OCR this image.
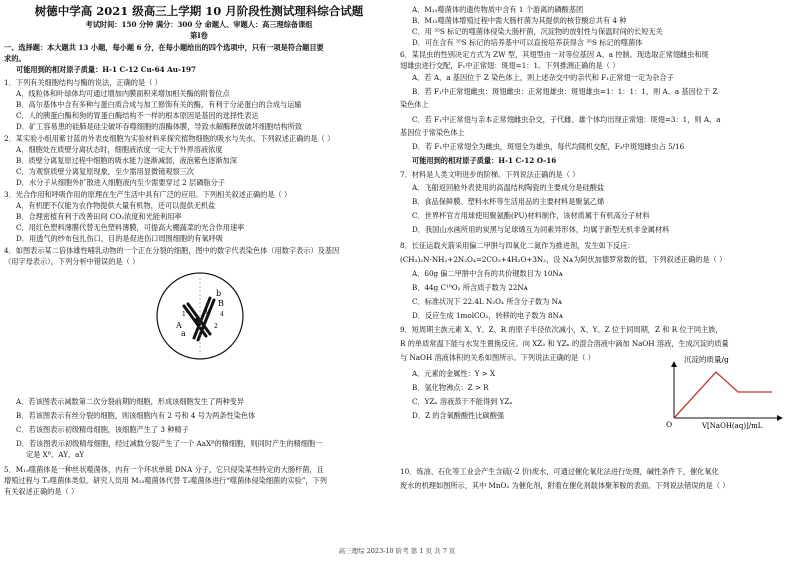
树德中学高 2021 级高三上学期 10 月阶段性测试理科综合试题
考试时间：150 分钟 满分：300 分 命题人、审题人：高三理综备课组
第Ⅰ卷
一、选择题：本大题共 13 小题，每小题 6 分，在每小题给出的四个选项中，只有一项是符合题目要
求的。
可能用到的相对原子质量：H-1 C-12 Cu-64 Au-197
1．下列有关细胞结构与酶的说法，正确的是（ ）
A．线粒体和叶绿体均可通过增加内膜面积来增加相关酶的附着位点
B．高尔基体中含有多种与蛋白质合成与加工修饰有关的酶，有利于分泌蛋白的合成与运输
C．人的胰蛋白酶和狗的胃蛋白酶结构不一样的根本原因是基因的选择性表达
D．矿工容易患的硅肺是硅尘破坏吞噬细胞的溶酶体膜，导致水解酶释放破坏细胞结构所致
2．某实验小组用紫甘蓝的外表皮细胞为实验材料来探究植物细胞的吸水与失水，下列叙述正确的是（ ）
A．细胞处在质壁分离状态时，细胞液浓度一定大于外界溶液浓度
B．质壁分离复原过程中细胞的吸水能力逐渐减弱，液泡紫色逐渐加深
C．为观察质壁分离复原现象，至少需用显微镜观察三次
D．水分子从细胞外扩散进入细胞液内至少需要穿过 2 层磷脂分子
3．光合作用和呼吸作用的原理在生产生活中具有广泛的应用。下列相关叙述正确的是（ ）
A．有机肥不仅能为农作物提供大量有机物，还可以提供无机盐
B．合理密植有利于改善田间 CO₂浓度和光能利用率
C．用红色塑料薄膜代替无色塑料薄膜，可提高大棚蔬菜的光合作用速率
D．用透气的纱布包扎伤口，目的是促进伤口周围细胞的有氧呼吸
4．如图表示某二倍体雄性哺乳动物的一个正在分裂的细胞，图中的数字代表染色体（用数字表示）及基因
（用字母表示），下列分析中错误的是（ ）
A
a
B
b
1
2
3 4
A．若该图表示减数第二次分裂前期的细胞，形成该细胞发生了两种变异
B．若该图表示有丝分裂的细胞，则该细胞内有 2 号和 4 号为两条性染色体
C．若该图表示初级精母细胞，该细胞产生了 3 种精子
D．若该图表示初级精母细胞，经过减数分裂产生了一个 AaXᴮ的精细胞，则同时产生的精细胞一
定是 Xᴮ、AY、aY
5．M₁₃噬菌体是一种丝状噬菌体，内有一个环状单链 DNA 分子，它只侵染某些特定的大肠杆菌，且
增殖过程与 T₂噬菌体类似。研究人员用 M₁₃噬菌体代替 T₂噬菌体进行“噬菌体侵染细菌的实验”，下列
有关叙述正确的是（ ）
A．M₁₃噬菌体的遗传物质中含有 1 个游离的磷酸基团
B．M₁₃噬菌体增殖过程中需大肠杆菌为其提供的核苷酸总共有 4 种
C．用 ³⁵S 标记的噬菌体侵染大肠杆菌，沉淀物的放射性与保温时间的长短无关
D．可在含有 ³⁵S 标记的培养基中可以直接培养获得含 ³⁵S 标记的噬菌体
6．某昆虫的性别决定方式为 ZW 型，其翅型由一对等位基因 A、a 控制。现选取正常翅雌虫和斑
翅雄虫进行交配，F₁中正常翅：斑翅=1：1。下列推测正确的是（ ）
A．若 A、a 基因位于 Z 染色体上，则上述杂交中的亲代和 F₁正常翅一定为杂合子
B．若 F₁中正常翅雌虫：斑翅雌虫：正常翅雄虫：斑翅雄虫=1：1：1：1，则 A、a 基因位于 Z
染色体上
C．若 F₁中正常翅与亲本正常翅雌虫杂交，子代雌、雄个体均出现正常翅：斑翅=3：1，则 A、a
基因位于常染色体上
D．若 F₁中正常翅全为雌虫，斑翅全为雄虫，每代均随机交配，F₃中斑翅雌虫占 5/16
可能用到的相对原子质量：H-1 C-12 O-16
7．材料是人类文明进步的阶梯。下列说法正确的是（ ）
A．飞船返回舱外表使用的高温结构陶瓷的主要成分是硅酸盐
B．食品保鲜膜、塑料水杯等生活用品的主要材料是聚氯乙烯
C．世界杯官方用球使用聚氨酯(PU)材料制作，该材质属于有机高分子材料
D．我国山水画所用的炭黑与足球烯互为同素异形体，均属于新型无机非金属材料
8．长征运载火箭采用偏二甲肼与四氧化二氮作为推进剂，发生如下反应：
(CH₃)₂N-NH₂+2N₂O₄=2CO₂+4H₂O+3N₂，设 Nᴀ为阿伏加德罗常数的值，下列叙述正确的是（ ）
A．60g 偏二甲肼中含有的共价键数目为 10Nᴀ
B．44g C¹⁸O₂ 所含质子数为 22Nᴀ
C．标准状况下 22.4L N₂O₄ 所含分子数为 Nᴀ
D．反应生成 1molCO₂，转移的电子数为 8Nᴀ
9．短周期主族元素 X、Y、Z、R 的原子半径依次减小，X、Y、Z 位于同周期，Z 和 R 位于同主族，
R 的单质常温下能与水发生置换反应。向 XZ₃ 和 YZₙ 的混合溶液中滴加 NaOH 溶液，生成沉淀的质量
与 NaOH 溶液体积的关系如图所示。下列说法正确的是（ ）
A．元素的金属性：Y > X
B．氢化物沸点：Z > R
C．YZₙ 溶液蒸干不能得到 YZₙ
D．Z 的含氧酸酸性比碳酸强
沉淀的质量/g
O	V[NaOH(aq)]/mL
10．炼油、石化等工业会产生含硫(-2 价)废水，可通过催化氧化法进行处理，碱性条件下，催化氧化
废水的机理如图所示，其中 MnO₂ 为催化剂，附着在催化剂载体聚苯胺的表面。下列说法错误的是（ ）
高三理综 2023-10 阶考 第 1 页 共 7 页
